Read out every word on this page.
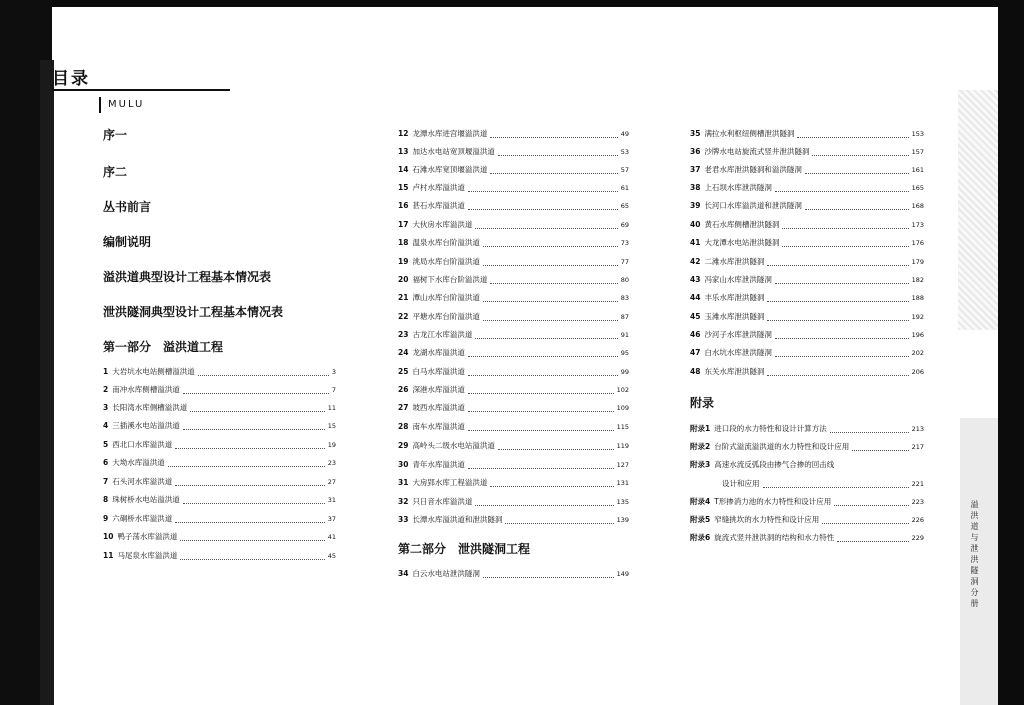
目录
MULU
序一
序二
丛书前言
编制说明
溢洪道典型设计工程基本情况表
泄洪隧洞典型设计工程基本情况表
第一部分　溢洪道工程
1 大岩坑水电站侧槽溢洪道	3
2 南冲水库侧槽溢洪道	7
3 长阳湾水库侧槽溢洪道	11
4 三插溪水电站溢洪道	15
5 西北口水库溢洪道	19
6 大坳水库溢洪道	23
7 石头河水库溢洪道	27
8 珠树桥水电站溢洪道	31
9 六硐桥水库溢洪道	37
10 鸭子荡水库溢洪道	41
11 马尾泉水库溢洪道	45
12 龙潭水库进宫堰溢洪道	49
13 加达水电站宽顶堰溢洪道	53
14 石滩水库宽顶堰溢洪道	57
15 卢村水库溢洪道	61
16 甚石水库溢洪道	65
17 大伙房水库溢洪道	69
18 温泉水库台阶溢洪道	73
19 洮局水库台阶溢洪道	77
20 福树下水库台阶溢洪道	80
21 潭山水库台阶溢洪道	83
22 平塘水库台阶溢洪道	87
23 古龙江水库溢洪道	91
24 龙湖水库溢洪道	95
25 白马水库溢洪道	99
26 深港水库溢洪道	102
27 坡西水库溢洪道	109
28 南车水库溢洪道	115
29 高岭头二级水电站溢洪道	119
30 青年水库溢洪道	127
31 大房郢水库工程溢洪道	131
32 只日音水库溢洪道	135
33 长潭水库溢洪道和泄洪隧洞	139
第二部分　泄洪隧洞工程
34 白云水电站泄洪隧洞	149
35 满拉水利枢纽侧槽泄洪隧洞	153
36 沙牌水电站旋流式竖井泄洪隧洞	157
37 老君水库泄洪隧洞和溢洪隧洞	161
38 上石坝水库泄洪隧洞	165
39 长河口水库溢洪道和泄洪隧洞	168
40 黄石水库侧槽泄洪隧洞	173
41 大龙潭水电站泄洪隧洞	176
42 二滩水库泄洪隧洞	179
43 冯家山水库泄洪隧洞	182
44 丰乐水库泄洪隧洞	188
45 玉滩水库泄洪隧洞	192
46 沙河子水库泄洪隧洞	196
47 白水坑水库泄洪隧洞	202
48 东关水库泄洪隧洞	206
附录
附录1 进口段的水力特性和设计计算方法	213
附录2 台阶式溢流溢洪道的水力特性和设计应用	217
附录3 高速水流反弧段由掺气合掺的回击线
设计和应用	221
附录4 T形掺消力池的水力特性和设计应用	223
附录5 窄缝挑坎的水力特性和设计应用	226
附录6 旋流式竖井泄洪洞的结构和水力特性	229	溢洪道与泄洪隧洞分册
